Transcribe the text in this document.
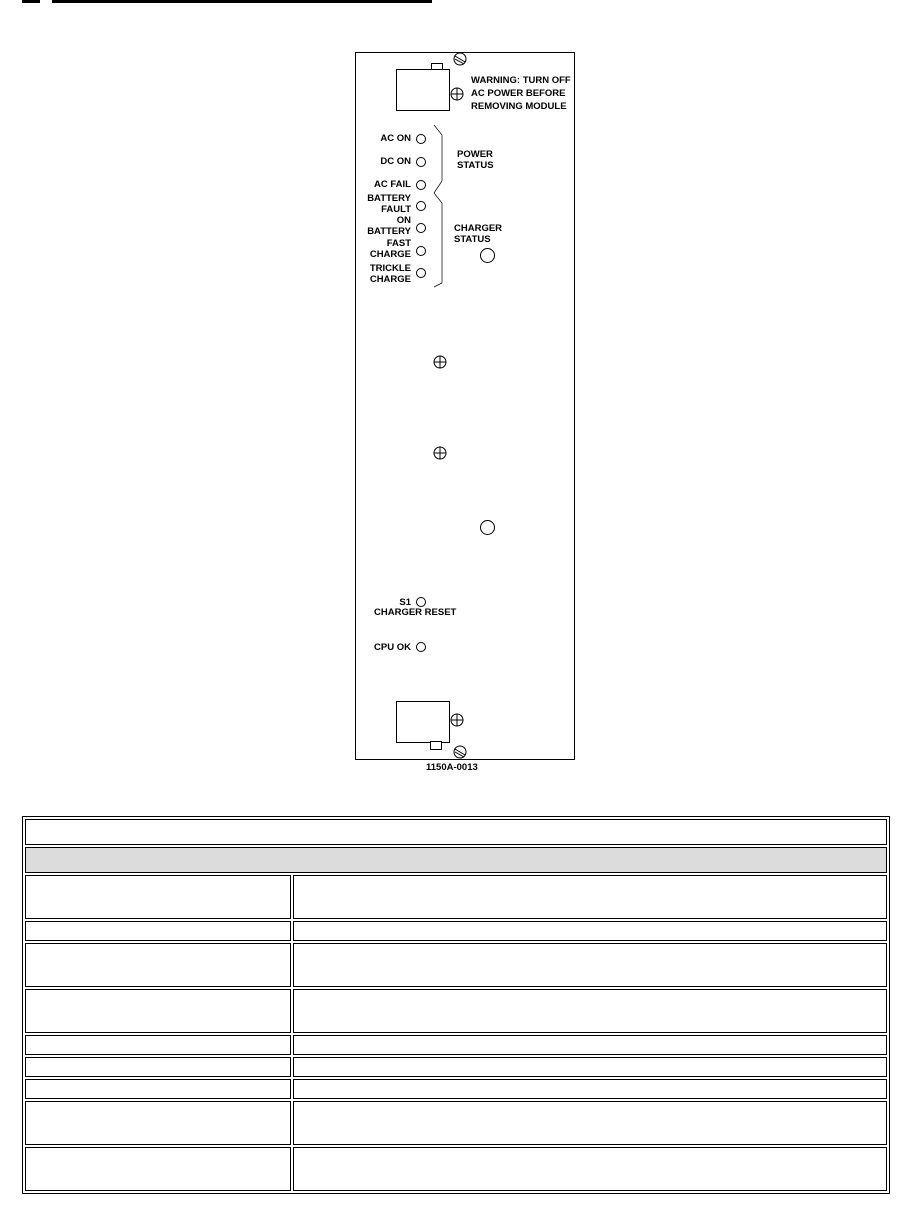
WARNING: TURN OFF
AC POWER BEFORE
REMOVING MODULE
AC ON
DC ON
AC FAIL
BATTERY
FAULT
ON
BATTERY
FAST
CHARGE
TRICKLE
CHARGE
POWER
STATUS
CHARGER
STATUS
S1
CHARGER RESET
CPU OK
1150A-0013
